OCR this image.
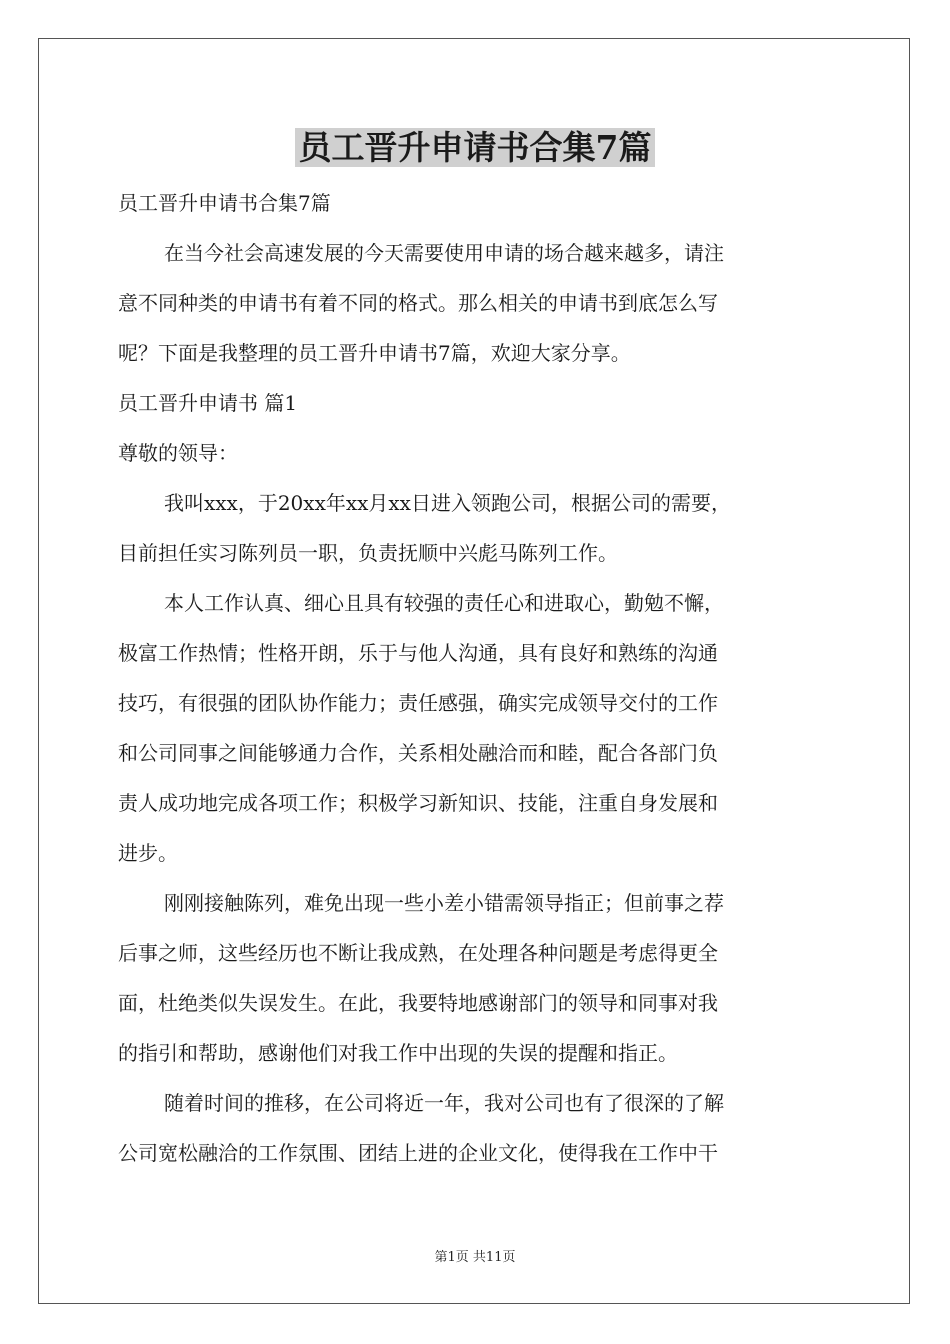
员工晋升申请书合集7篇
员工晋升申请书合集7篇
在当今社会高速发展的今天需要使用申请的场合越来越多，请注
意不同种类的申请书有着不同的格式。那么相关的申请书到底怎么写
呢？下面是我整理的员工晋升申请书7篇，欢迎大家分享。
员工晋升申请书 篇1
尊敬的领导：
我叫xxx，于20xx年xx月xx日进入领跑公司，根据公司的需要，
目前担任实习陈列员一职，负责抚顺中兴彪马陈列工作。
本人工作认真、细心且具有较强的责任心和进取心，勤勉不懈，
极富工作热情；性格开朗，乐于与他人沟通，具有良好和熟练的沟通
技巧，有很强的团队协作能力；责任感强，确实完成领导交付的工作
和公司同事之间能够通力合作，关系相处融洽而和睦，配合各部门负
责人成功地完成各项工作；积极学习新知识、技能，注重自身发展和
进步。
刚刚接触陈列，难免出现一些小差小错需领导指正；但前事之荐
后事之师，这些经历也不断让我成熟，在处理各种问题是考虑得更全
面，杜绝类似失误发生。在此，我要特地感谢部门的领导和同事对我
的指引和帮助，感谢他们对我工作中出现的失误的提醒和指正。
随着时间的推移，在公司将近一年，我对公司也有了很深的了解
公司宽松融洽的工作氛围、团结上进的企业文化，使得我在工作中干
第1页 共11页
